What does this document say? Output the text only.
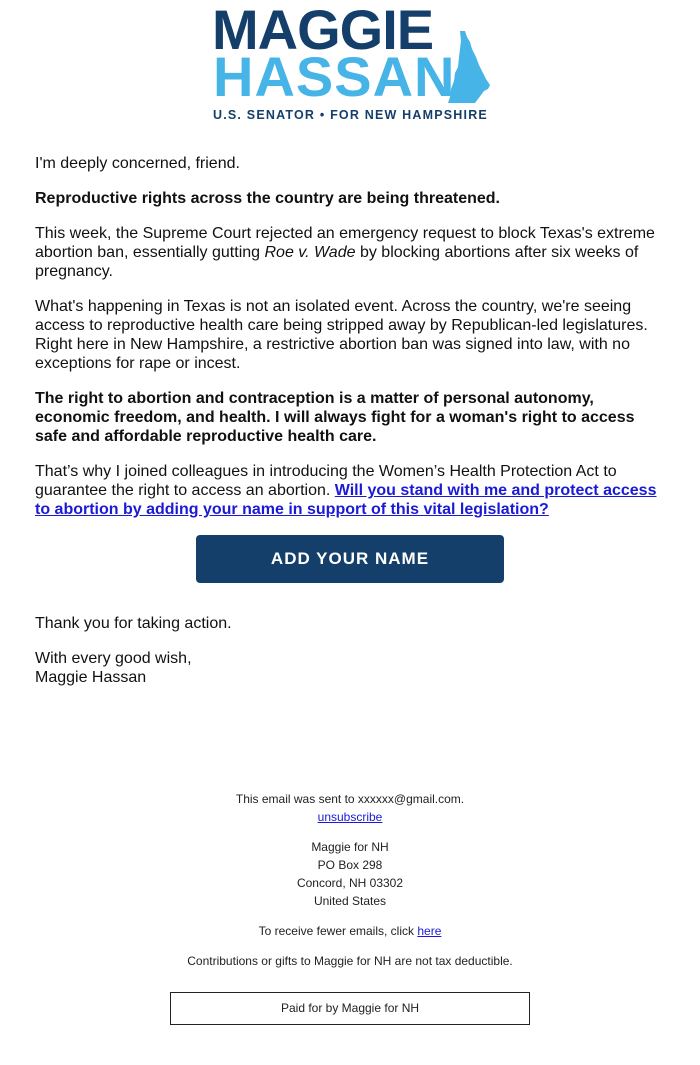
MAGGIE
HASSAN
U.S. SENATOR • FOR NEW HAMPSHIRE

I'm deeply concerned, friend.

Reproductive rights across the country are being threatened.

This week, the Supreme Court rejected an emergency request to block Texas's extreme abortion ban, essentially gutting Roe v. Wade by blocking abortions after six weeks of pregnancy.

What's happening in Texas is not an isolated event. Across the country, we're seeing access to reproductive health care being stripped away by Republican-led legislatures. Right here in New Hampshire, a restrictive abortion ban was signed into law, with no exceptions for rape or incest.

The right to abortion and contraception is a matter of personal autonomy, economic freedom, and health. I will always fight for a woman's right to access safe and affordable reproductive health care.

That’s why I joined colleagues in introducing the Women’s Health Protection Act to guarantee the right to access an abortion. Will you stand with me and protect access to abortion by adding your name in support of this vital legislation?

ADD YOUR NAME

Thank you for taking action.

With every good wish,
Maggie Hassan

This email was sent to xxxxxx@gmail.com.

unsubscribe

Maggie for NH

PO Box 298

Concord, NH 03302

United States

To receive fewer emails, click here

Contributions or gifts to Maggie for NH are not tax deductible.

Paid for by Maggie for NH
